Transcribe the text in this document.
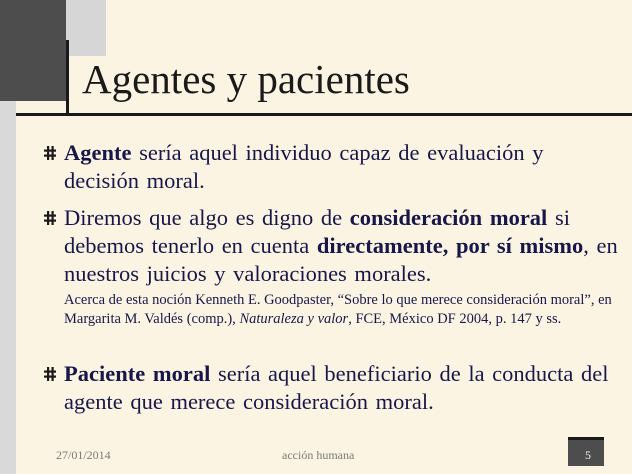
Agentes y pacientes

Agente sería aquel individuo capaz de evaluación y decisión moral.

Diremos que algo es digno de consideración moral si debemos tenerlo en cuenta directamente, por sí mismo, en nuestros juicios y valoraciones morales.
Acerca de esta noción Kenneth E. Goodpaster, “Sobre lo que merece consideración moral”, en Margarita M. Valdés (comp.), Naturaleza y valor, FCE, México DF 2004, p. 147 y ss.

Paciente moral sería aquel beneficiario de la conducta del agente que merece consideración moral.

27/01/2014	acción humana	5
